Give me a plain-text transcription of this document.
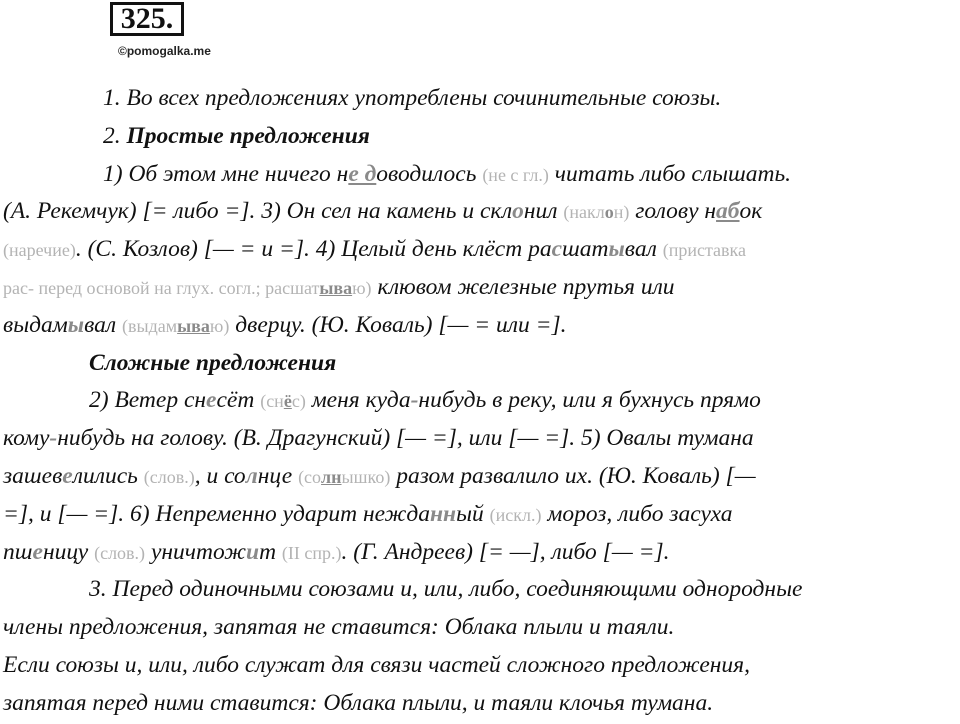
325.
©pomogalka.me
1. Во всех предложениях употреблены сочинительные союзы.
2. Простые предложения
1) Об этом мне ничего не доводилось (не с гл.) читать либо слышать.
(А. Рекемчук) [= либо =]. 3) Он сел на камень и склонил (наклон) голову набок
(наречие). (С. Козлов) [— = и =]. 4) Целый день клёст расшатывал (приставка
рас- перед основой на глух. согл.; расшатываю) клювом железные прутья или
выдамывал (выдамываю) дверцу. (Ю. Коваль) [— = или =].
Сложные предложения
2) Ветер снесёт (снёс) меня куда-нибудь в реку, или я бухнусь прямо
кому-нибудь на голову. (В. Драгунский) [— =], или [— =]. 5) Овалы тумана
зашевелились (слов.), и солнце (солнышко) разом развалило их. (Ю. Коваль) [—
=], и [— =]. 6) Непременно ударит нежданный (искл.) мороз, либо засуха
пшеницу (слов.) уничтожит (II спр.). (Г. Андреев) [= —], либо [— =].
3. Перед одиночными союзами и, или, либо, соединяющими однородные
члены предложения, запятая не ставится: Облака плыли и таяли.
Если союзы и, или, либо служат для связи частей сложного предложения,
запятая перед ними ставится: Облака плыли, и таяли клочья тумана.
